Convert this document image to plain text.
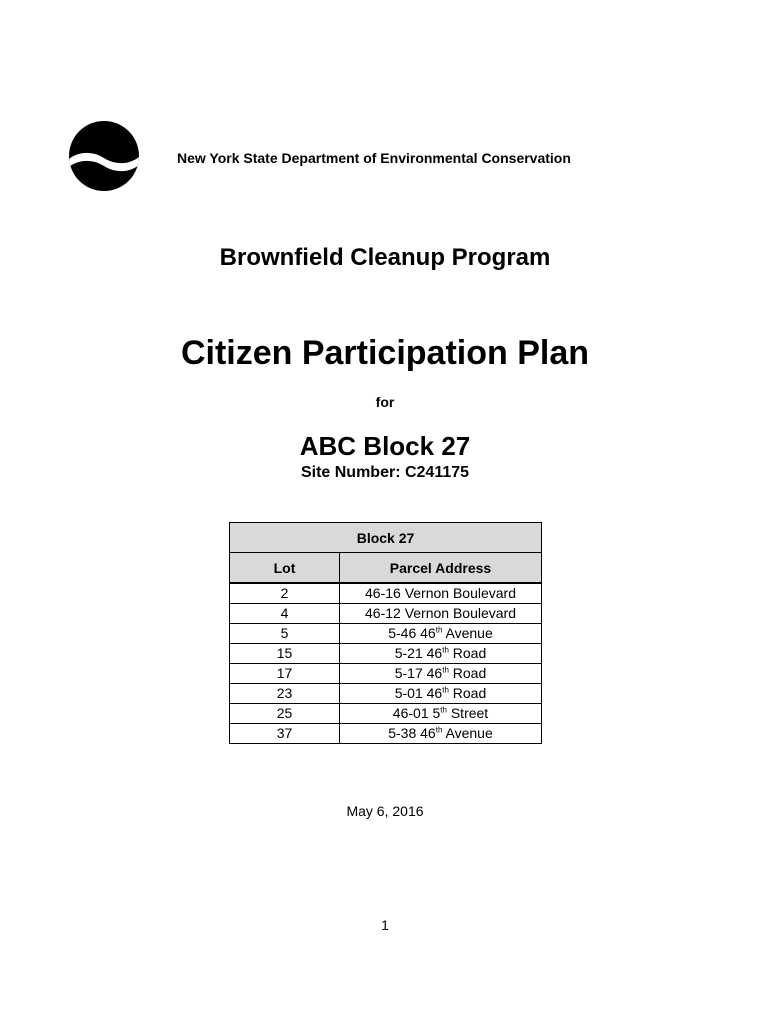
New York State Department of Environmental Conservation
Brownfield Cleanup Program
Citizen Participation Plan
for
ABC Block 27
Site Number: C241175
Block 27	
Lot	Parcel Address
2	46-16 Vernon Boulevard
4	46-12 Vernon Boulevard
5	5-46 46th Avenue
15	5-21 46th Road
17	5-17 46th Road
23	5-01 46th Road
25	46-01 5th Street
37	5-38 46th Avenue
May 6, 2016
1
